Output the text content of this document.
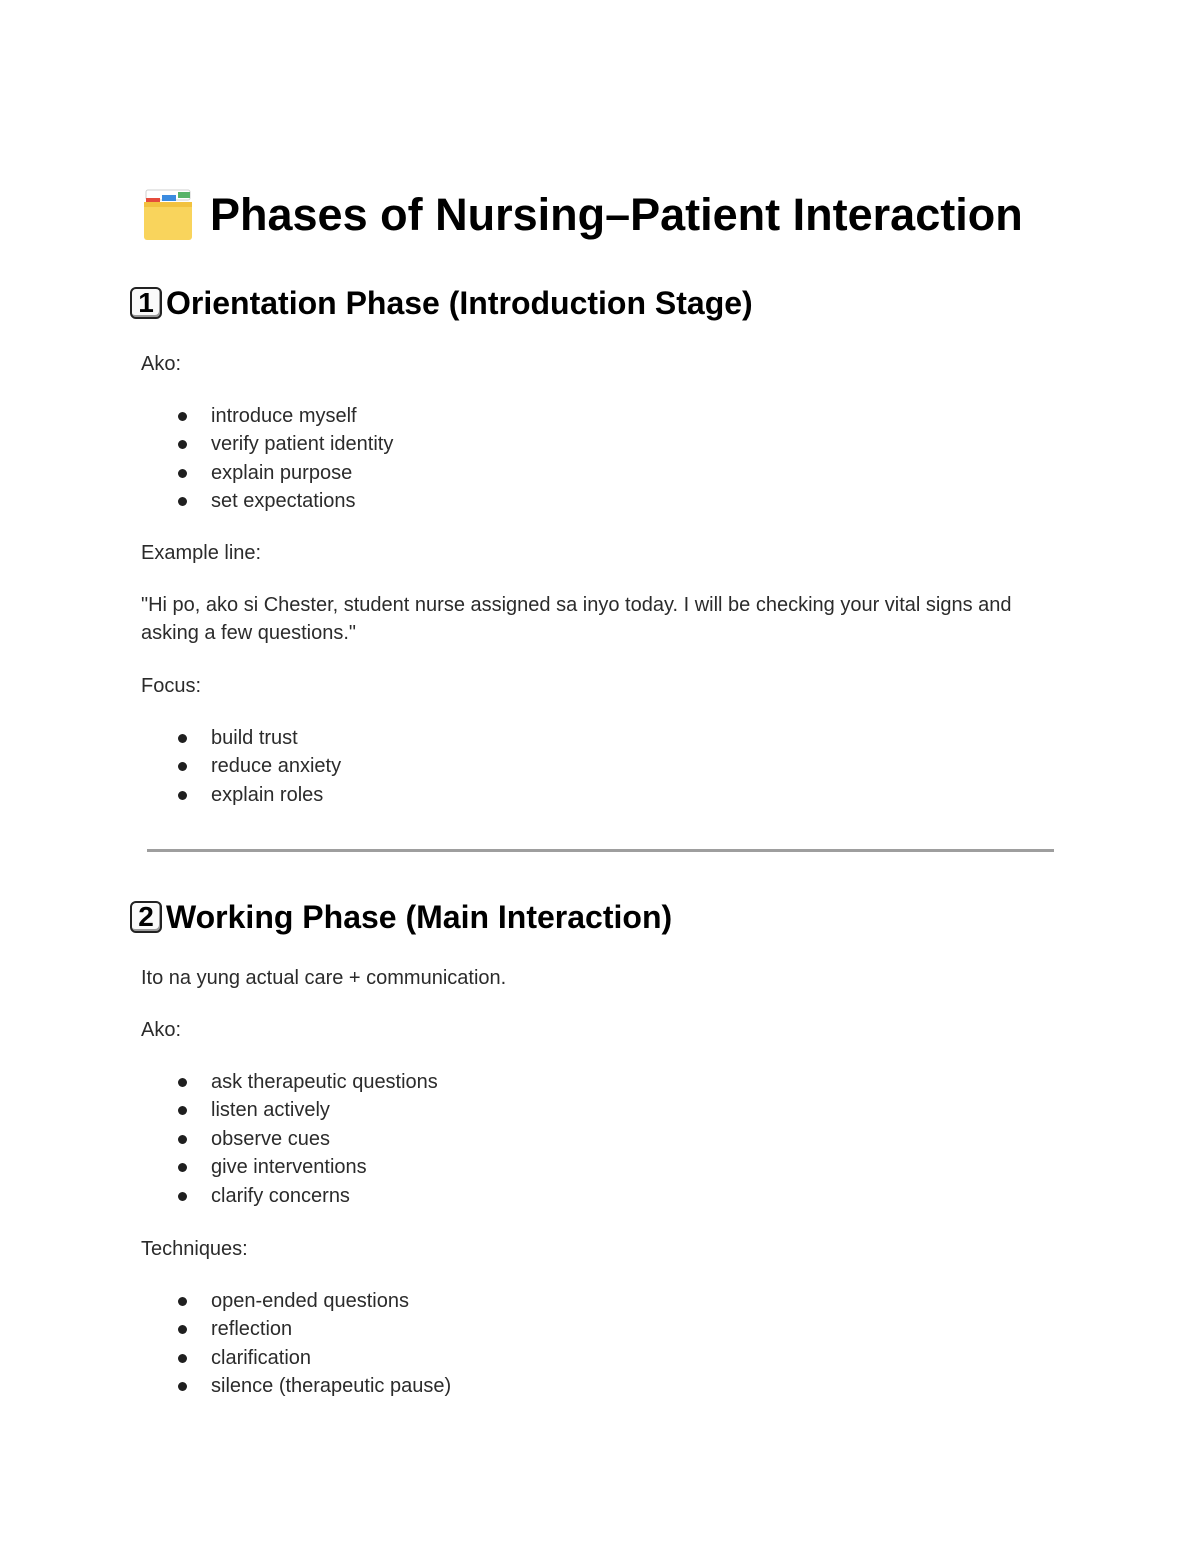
Phases of Nursing–Patient Interaction
1 Orientation Phase (Introduction Stage)

Ako:

introduce myself
verify patient identity
explain purpose
set expectations

Example line:

"Hi po, ako si Chester, student nurse assigned sa inyo today. I will be checking your vital signs and asking a few questions."

Focus:

build trust
reduce anxiety
explain roles
2 Working Phase (Main Interaction)

Ito na yung actual care + communication.

Ako:

ask therapeutic questions
listen actively
observe cues
give interventions
clarify concerns

Techniques:

open-ended questions
reflection
clarification
silence (therapeutic pause)
